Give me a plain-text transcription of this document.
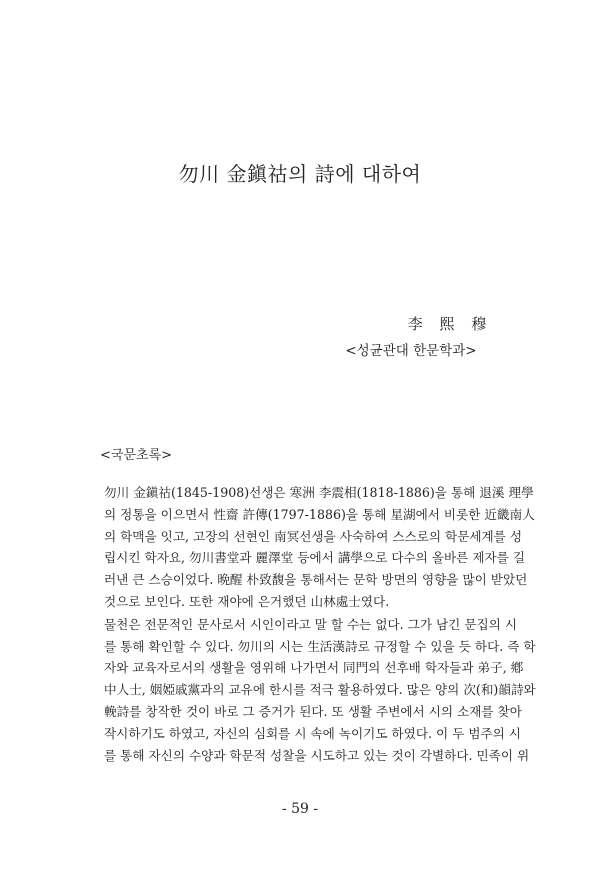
勿川 金鎭祜의 詩에 대하여
李 熙 穆
<성균관대 한문학과>
<국문초록>

勿川 金鎭祜(1845-1908)선생은 寒洲 李震相(1818-1886)을 통해 退溪 理學
의 정통을 이으면서 性齋 許傳(1797-1886)을 통해 星湖에서 비롯한 近畿南人
의 학맥을 잇고, 고장의 선현인 南冥선생을 사숙하여 스스로의 학문세계를 성
립시킨 학자요, 勿川書堂과 麗澤堂 등에서 講學으로 다수의 올바른 제자를 길
러낸 큰 스승이었다. 晩醒 朴致馥을 통해서는 문학 방면의 영향을 많이 받았던
것으로 보인다. 또한 재야에 은거했던 山林處士였다.

물천은 전문적인 문사로서 시인이라고 말 할 수는 없다. 그가 남긴 문집의 시
를 통해 확인할 수 있다. 勿川의 시는 生活漢詩로 규정할 수 있을 듯 하다. 즉 학
자와 교육자로서의 생활을 영위해 나가면서 同門의 선후배 학자들과 弟子, 鄕
中人士, 姻婭戚黨과의 교유에 한시를 적극 활용하였다. 많은 양의 次(和)韻詩와
輓詩를 창작한 것이 바로 그 증거가 된다. 또 생활 주변에서 시의 소재를 찾아
작시하기도 하였고, 자신의 심회를 시 속에 녹이기도 하였다. 이 두 범주의 시
를 통해 자신의 수양과 학문적 성찰을 시도하고 있는 것이 각별하다. 민족이 위

- 59 -
